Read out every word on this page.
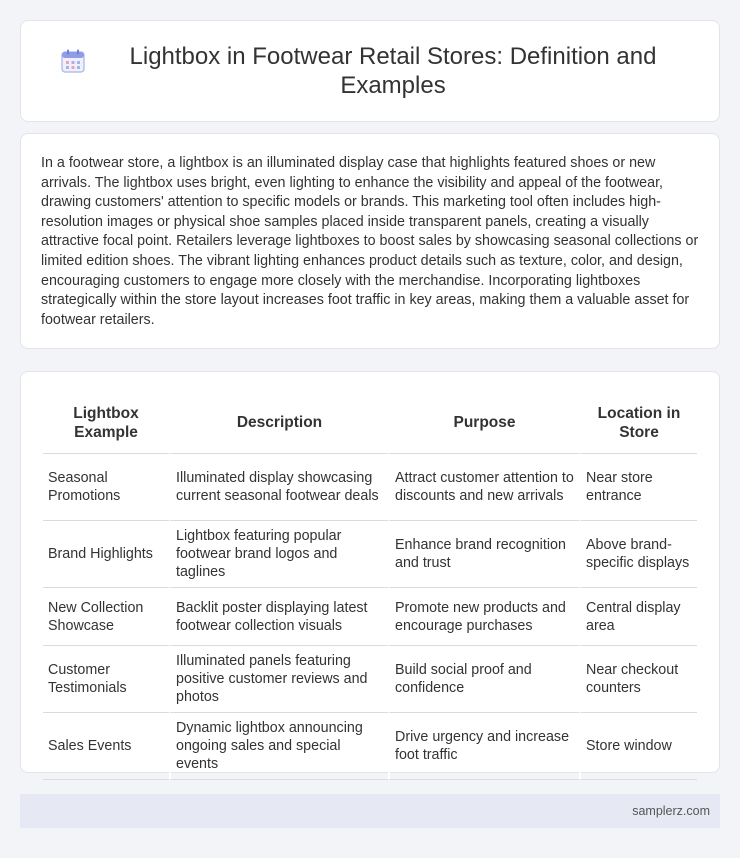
Lightbox in Footwear Retail Stores: Definition and Examples

In a footwear store, a lightbox is an illuminated display case that highlights featured shoes or new arrivals. The lightbox uses bright, even lighting to enhance the visibility and appeal of the footwear, drawing customers' attention to specific models or brands. This marketing tool often includes high-resolution images or physical shoe samples placed inside transparent panels, creating a visually attractive focal point. Retailers leverage lightboxes to boost sales by showcasing seasonal collections or limited edition shoes. The vibrant lighting enhances product details such as texture, color, and design, encouraging customers to engage more closely with the merchandise. Incorporating lightboxes strategically within the store layout increases foot traffic in key areas, making them a valuable asset for footwear retailers.

Lightbox Example	Description	Purpose	Location in Store
Seasonal Promotions	Illuminated display showcasing current seasonal footwear deals	Attract customer attention to discounts and new arrivals	Near store entrance
Brand Highlights	Lightbox featuring popular footwear brand logos and taglines	Enhance brand recognition and trust	Above brand-specific displays
New Collection Showcase	Backlit poster displaying latest footwear collection visuals	Promote new products and encourage purchases	Central display area
Customer Testimonials	Illuminated panels featuring positive customer reviews and photos	Build social proof and confidence	Near checkout counters
Sales Events	Dynamic lightbox announcing ongoing sales and special events	Drive urgency and increase foot traffic	Store window
samplerz.com
